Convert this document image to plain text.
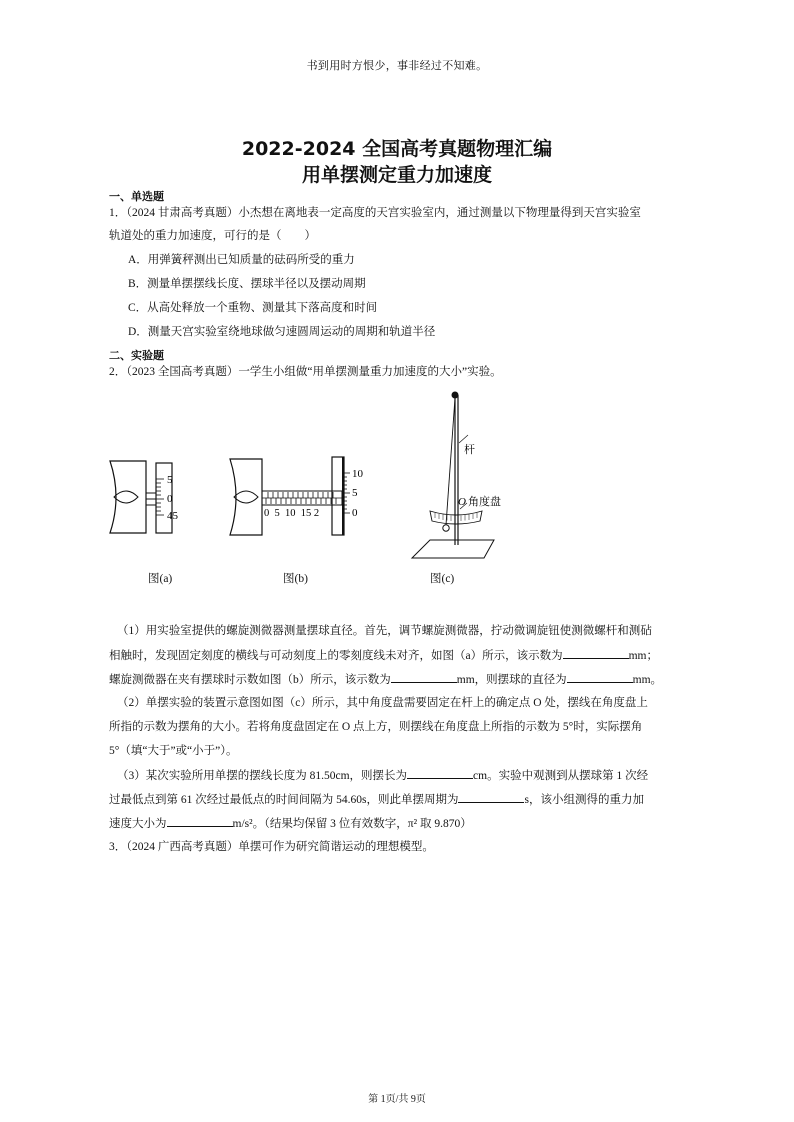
书到用时方恨少，事非经过不知难。
2022-2024 全国高考真题物理汇编
用单摆测定重力加速度
一、单选题
1．（2024 甘肃高考真题）小杰想在离地表一定高度的天宫实验室内，通过测量以下物理量得到天宫实验室
轨道处的重力加速度，可行的是（　　）
A．用弹簧秤测出已知质量的砝码所受的重力
B．测量单摆摆线长度、摆球半径以及摆动周期
C．从高处释放一个重物、测量其下落高度和时间
D．测量天宫实验室绕地球做匀速圆周运动的周期和轨道半径
二、实验题
2．（2023 全国高考真题）一学生小组做“用单摆测量重力加速度的大小”实验。
5
0
45
图(a)
10
5
0
0  5  10  15 2
图(b)
杆
O 角度盘
图(c)
（1）用实验室提供的螺旋测微器测量摆球直径。首先，调节螺旋测微器，拧动微调旋钮使测微螺杆和测砧
相触时，发现固定刻度的横线与可动刻度上的零刻度线未对齐，如图（a）所示，该示数为	mm；
螺旋测微器在夹有摆球时示数如图（b）所示，该示数为	mm，则摆球的直径为	mm。
（2）单摆实验的装置示意图如图（c）所示，其中角度盘需要固定在杆上的确定点 O 处，摆线在角度盘上
所指的示数为摆角的大小。若将角度盘固定在 O 点上方，则摆线在角度盘上所指的示数为 5°时，实际摆角
5°（填“大于”或“小于”）。
（3）某次实验所用单摆的摆线长度为 81.50cm，则摆长为	cm。实验中观测到从摆球第 1 次经
过最低点到第 61 次经过最低点的时间间隔为 54.60s，则此单摆周期为	s，该小组测得的重力加
速度大小为	m/s²。（结果均保留 3 位有效数字，π² 取 9.870）
3．（2024 广西高考真题）单摆可作为研究简谐运动的理想模型。
第 1页/共 9页
